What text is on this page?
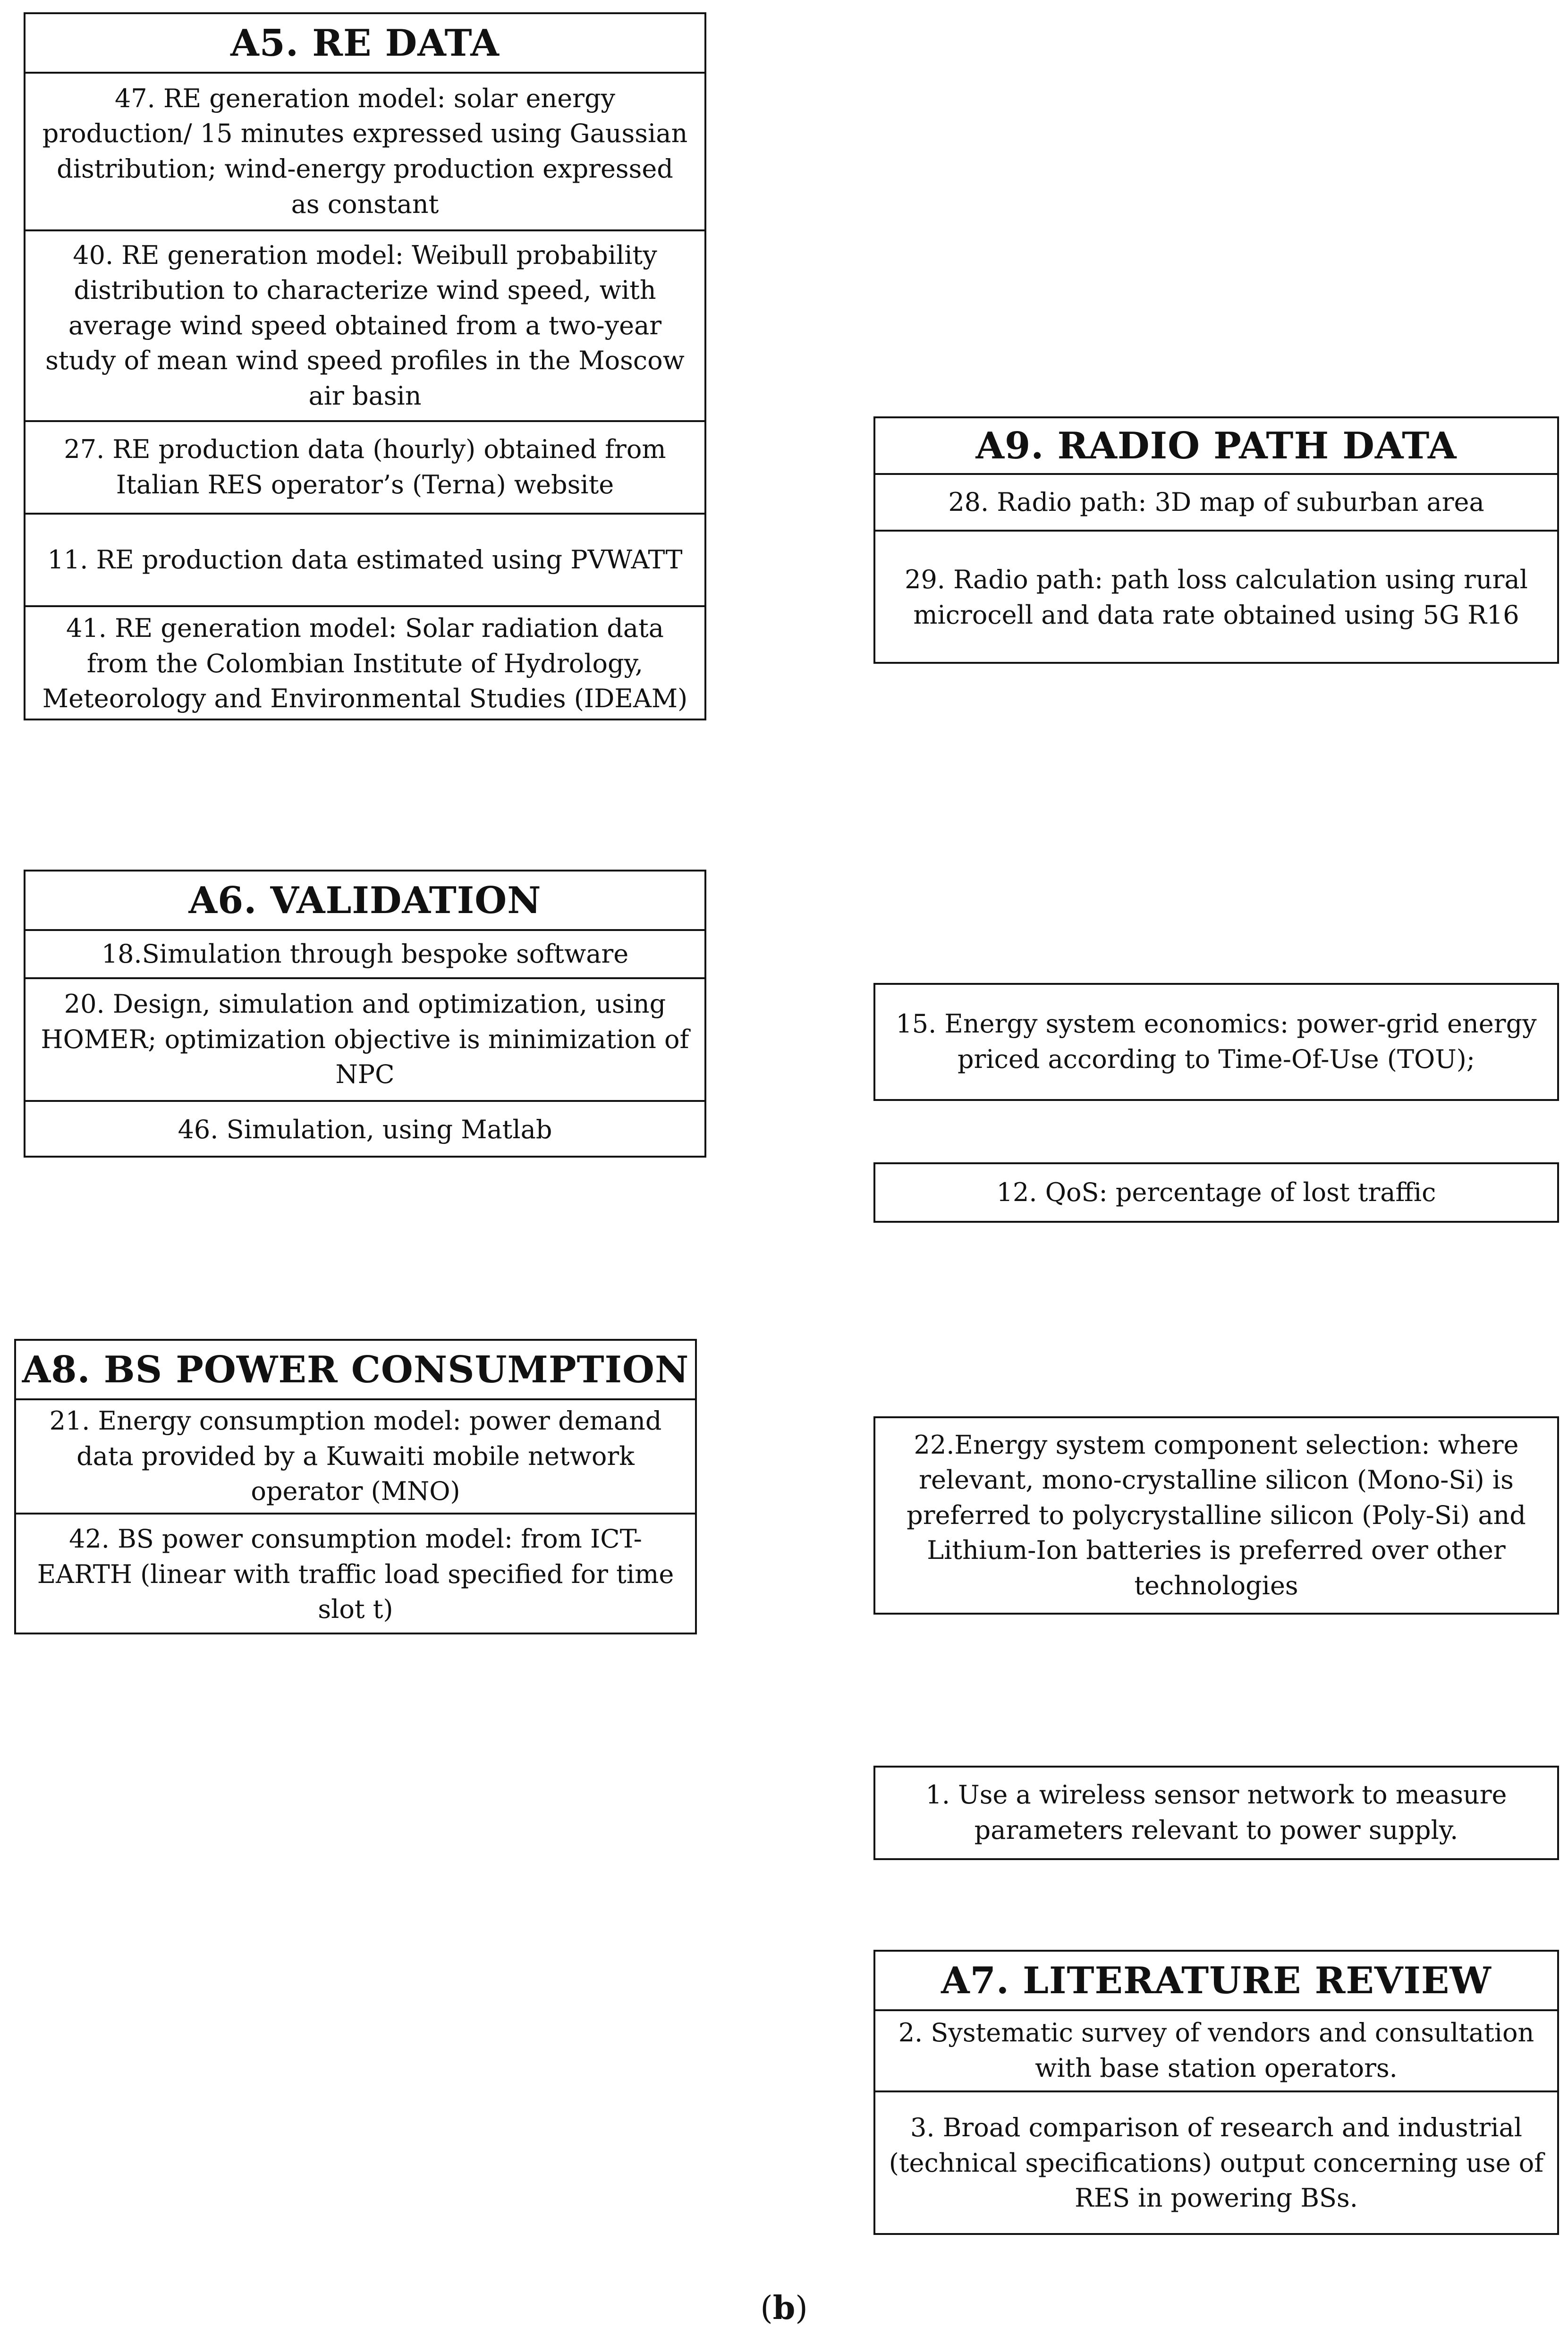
A5. RE DATA
47. RE generation model: solar energy production/ 15 minutes expressed using Gaussian distribution; wind-energy production expressed as constant
40. RE generation model: Weibull probability distribution to characterize wind speed, with average wind speed obtained from a two-year study of mean wind speed profiles in the Moscow air basin
27. RE production data (hourly) obtained from Italian RES operator’s (Terna) website
11. RE production data estimated using PVWATT
41. RE generation model: Solar radiation data from the Colombian Institute of Hydrology, Meteorology and Environmental Studies (IDEAM)
A9. RADIO PATH DATA
28. Radio path: 3D map of suburban area
29. Radio path: path loss calculation using rural microcell and data rate obtained using 5G R16
A6. VALIDATION
18.Simulation through bespoke software
20. Design, simulation and optimization, using HOMER; optimization objective is minimization of NPC
46. Simulation, using Matlab
15. Energy system economics: power-grid energy priced according to Time-Of-Use (TOU);
12. QoS: percentage of lost traffic
A8. BS POWER CONSUMPTION
21. Energy consumption model: power demand data provided by a Kuwaiti mobile network operator (MNO)
42. BS power consumption model: from ICT-EARTH (linear with traffic load specified for time slot t)
22.Energy system component selection: where relevant, mono-crystalline silicon (Mono-Si) is preferred to polycrystalline silicon (Poly-Si) and Lithium-Ion batteries is preferred over other technologies
1. Use a wireless sensor network to measure parameters relevant to power supply.
A7. LITERATURE REVIEW
2. Systematic survey of vendors and consultation with base station operators.
3. Broad comparison of research and industrial (technical specifications) output concerning use of RES in powering BSs.
(b)
